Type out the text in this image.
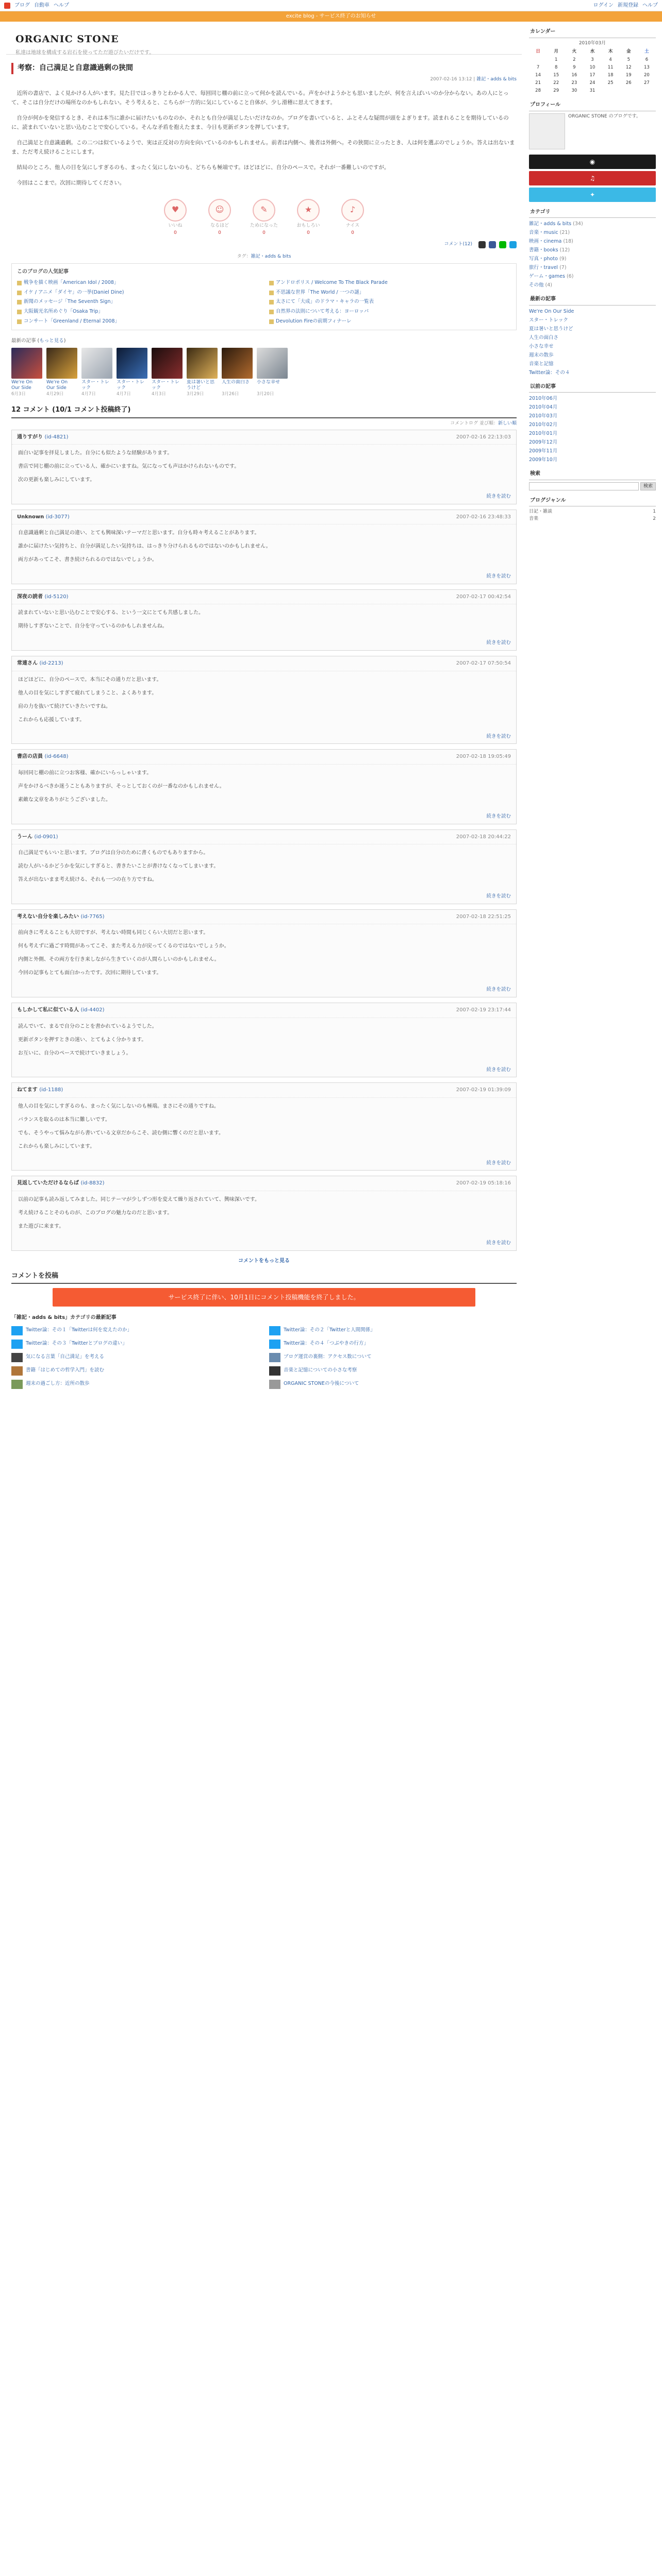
ブログ 自動車 ヘルプ	ログイン 新規登録 ヘルプ
excite blog - サービス終了のお知らせ
ORGANIC STONE
私達は地球を構成する岩石を使ってただ遊びたいだけです。
考察：自己満足と自意識過剰の狭間
2007-02-16 13:12 | 雑記・adds & bits

近所の書店で、よく見かける人がいます。見た目ではっきりとわかる人で、毎回同じ棚の前に立って何かを読んでいる。声をかけようかとも思いましたが、何を言えばいいのか分からない。あの人にとって、そこは自分だけの場所なのかもしれない。そう考えると、こちらが一方的に気にしていること自体が、少し滑稽に思えてきます。

自分が何かを発信するとき、それは本当に誰かに届けたいものなのか、それとも自分が満足したいだけなのか。ブログを書いていると、ふとそんな疑問が頭をよぎります。読まれることを期待しているのに、読まれていないと思い込むことで安心している。そんな矛盾を抱えたまま、今日も更新ボタンを押しています。

自己満足と自意識過剰。この二つは似ているようで、実は正反対の方向を向いているのかもしれません。前者は内側へ、後者は外側へ。その狭間に立ったとき、人は何を選ぶのでしょうか。答えは出ないまま、ただ考え続けることにします。

結局のところ、他人の目を気にしすぎるのも、まったく気にしないのも、どちらも極端です。ほどほどに、自分のペースで。それが一番難しいのですが。

今回はここまで。次回に期待してください。

♥
いいね
0
☺
なるほど
0
✎
ためになった
0
★
おもしろい
0
♪
ナイス
0
コメント(12)
タグ：雑記・adds & bits
このブログの人気記事
戦争を描く映画「American Idol / 2008」	アンドロポリス / Welcome To The Black Parade
イケ / アニメ「ダイヤ」の一挙(Daniel Dine)	不思議な世界「The World / 一つの謎」
新聞のメッセージ「The Seventh Sign」	太さにて「大成」のドラマ・キャラの一覧表
大阪観光名所めぐり「Osaka Trip」	自然界の法則について考える：ヨーロッパ
コンサート「Greenland / Eternal 2008」	Devolution Fireの前期フィナーレ
最新の記事 (もっと見る)
We're On Our Side
6月3日
We're On Our Side
4月29日
スター・トレック
4月7日
スター・トレック
4月7日
スター・トレック
4月3日
夏は暑いと思うけど
3月29日
人生の面白さ
3月26日
小さな幸せ
3月20日
12 コメント (10/1 コメント投稿終了)
コメントログ 並び順：新しい順
通りすがり (id-4821)	2007-02-16 22:13:03

面白い記事を拝見しました。自分にも似たような経験があります。

書店で同じ棚の前に立っている人、確かにいますね。気になっても声はかけられないものです。

次の更新も楽しみにしています。

続きを読む
Unknown (id-3077)	2007-02-16 23:48:33

自意識過剰と自己満足の違い、とても興味深いテーマだと思います。自分も時々考えることがあります。

誰かに届けたい気持ちと、自分が満足したい気持ちは、はっきり分けられるものではないのかもしれません。

両方があってこそ、書き続けられるのではないでしょうか。

続きを読む
深夜の読者 (id-5120)	2007-02-17 00:42:54

読まれていないと思い込むことで安心する、という一文にとても共感しました。

期待しすぎないことで、自分を守っているのかもしれませんね。

続きを読む
常連さん (id-2213)	2007-02-17 07:50:54

ほどほどに、自分のペースで。本当にその通りだと思います。

他人の目を気にしすぎて疲れてしまうこと、よくあります。

肩の力を抜いて続けていきたいですね。

これからも応援しています。

続きを読む
書店の店員 (id-6648)	2007-02-18 19:05:49

毎回同じ棚の前に立つお客様、確かにいらっしゃいます。

声をかけるべきか迷うこともありますが、そっとしておくのが一番なのかもしれません。

素敵な文章をありがとうございました。

続きを読む
うーん (id-0901)	2007-02-18 20:44:22

自己満足でもいいと思います。ブログは自分のために書くものでもありますから。

読む人がいるかどうかを気にしすぎると、書きたいことが書けなくなってしまいます。

答えが出ないまま考え続ける、それも一つの在り方ですね。

続きを読む
考えない自分を楽しみたい (id-7765)	2007-02-18 22:51:25

前向きに考えることも大切ですが、考えない時間も同じくらい大切だと思います。

何も考えずに過ごす時間があってこそ、また考える力が戻ってくるのではないでしょうか。

内側と外側、その両方を行き来しながら生きていくのが人間らしいのかもしれません。

今回の記事もとても面白かったです。次回に期待しています。

続きを読む
もしかして私に似ている人 (id-4402)	2007-02-19 23:17:44

読んでいて、まるで自分のことを書かれているようでした。

更新ボタンを押すときの迷い、とてもよく分かります。

お互いに、自分のペースで続けていきましょう。

続きを読む
ねてます (id-1188)	2007-02-19 01:39:09

他人の目を気にしすぎるのも、まったく気にしないのも極端。まさにその通りですね。

バランスを取るのは本当に難しいです。

でも、そうやって悩みながら書いている文章だからこそ、読む側に響くのだと思います。

これからも楽しみにしています。

続きを読む
見返していただけるならば (id-8832)	2007-02-19 05:18:16

以前の記事も読み返してみました。同じテーマが少しずつ形を変えて繰り返されていて、興味深いです。

考え続けることそのものが、このブログの魅力なのだと思います。

また遊びに来ます。

続きを読む
コメントをもっと見る
コメントを投稿
サービス終了に伴い、10月1日にコメント投稿機能を終了しました。
「雑記・adds & bits」カテゴリの最新記事
Twitter論：その１「Twitterは何を変えたのか」	Twitter論：その２「Twitterと人間関係」
Twitter論：その３「Twitterとブログの違い」	Twitter論：その４「つぶやきの行方」
気になる言葉「自己満足」を考える	ブログ運営の裏側：アクセス数について
書籍「はじめての哲学入門」を読む	音楽と記憶についての小さな考察
週末の過ごし方：近所の散歩	ORGANIC STONEの今後について
カレンダー
2010年03月
日	月	火	水	木	金	土
	1	2	3	4	5	6
7	8	9	10	11	12	13
14	15	16	17	18	19	20
21	22	23	24	25	26	27
28	29	30	31			
プロフィール
ORGANIC STONE のブログです。
◉
♫
✦
カテゴリ
雑記・adds & bits (34)
音楽・music (21)
映画・cinema (18)
書籍・books (12)
写真・photo (9)
旅行・travel (7)
ゲーム・games (6)
その他 (4)
最新の記事
We're On Our Side
スター・トレック
夏は暑いと思うけど
人生の面白さ
小さな幸せ
週末の散歩
音楽と記憶
Twitter論：その４
以前の記事
2010年06月
2010年04月
2010年03月
2010年02月
2010年01月
2009年12月
2009年11月
2009年10月
検索
検索
ブログジャンル
日記・雑談	1
音楽	2
